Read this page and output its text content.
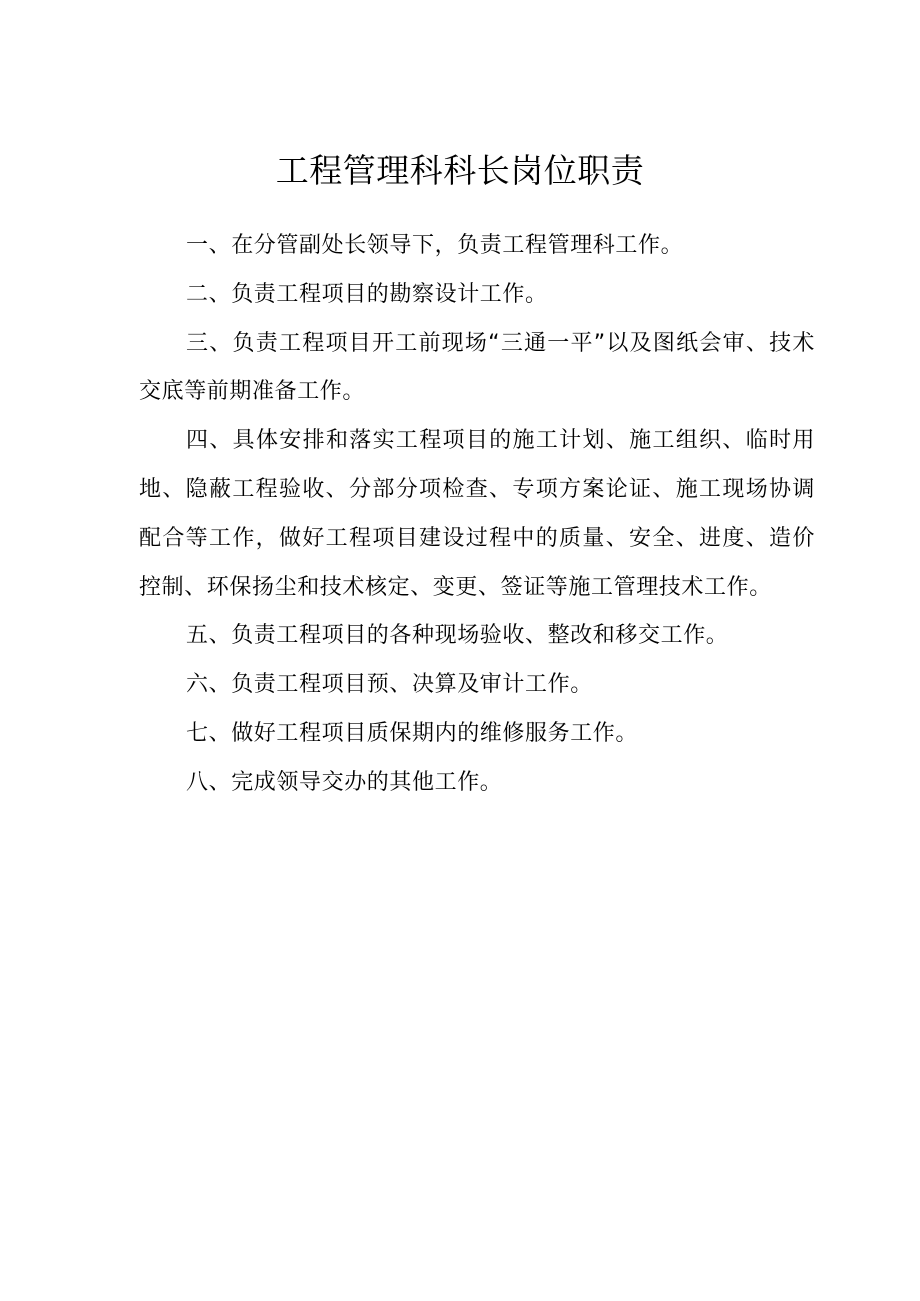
工程管理科科长岗位职责

一、在分管副处长领导下，负责工程管理科工作。

二、负责工程项目的勘察设计工作。

三、负责工程项目开工前现场“三通一平”以及图纸会审、技术交底等前期准备工作。

四、具体安排和落实工程项目的施工计划、施工组织、临时用地、隐蔽工程验收、分部分项检查、专项方案论证、施工现场协调配合等工作，做好工程项目建设过程中的质量、安全、进度、造价控制、环保扬尘和技术核定、变更、签证等施工管理技术工作。

五、负责工程项目的各种现场验收、整改和移交工作。

六、负责工程项目预、决算及审计工作。

七、做好工程项目质保期内的维修服务工作。

八、完成领导交办的其他工作。
